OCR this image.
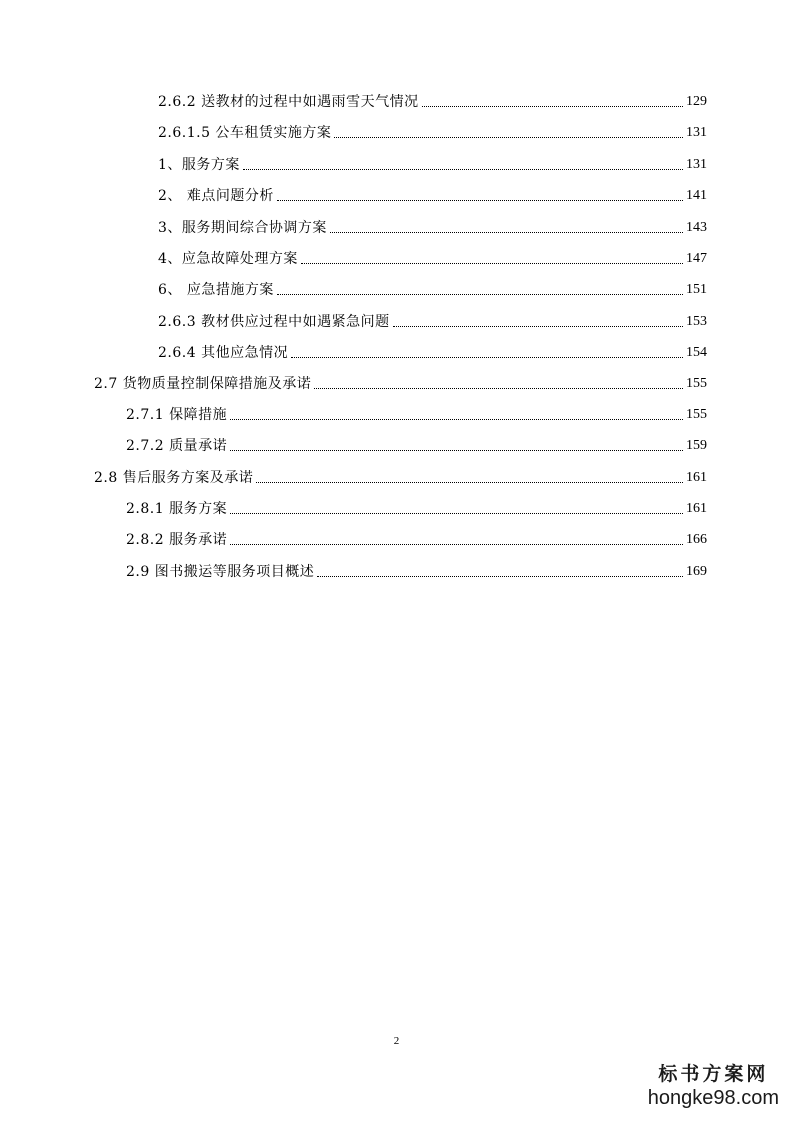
2.6.2 送教材的过程中如遇雨雪天气情况	129
2.6.1.5 公车租赁实施方案	131
1、服务方案	131
2、 难点问题分析	141
3、服务期间综合协调方案	143
4、应急故障处理方案	147
6、 应急措施方案	151
2.6.3 教材供应过程中如遇紧急问题	153
2.6.4 其他应急情况	154
2.7 货物质量控制保障措施及承诺	155
2.7.1 保障措施	155
2.7.2 质量承诺	159
2.8 售后服务方案及承诺	161
2.8.1 服务方案	161
2.8.2 服务承诺	166
2.9 图书搬运等服务项目概述	169
2
标书方案网
hongke98.com
